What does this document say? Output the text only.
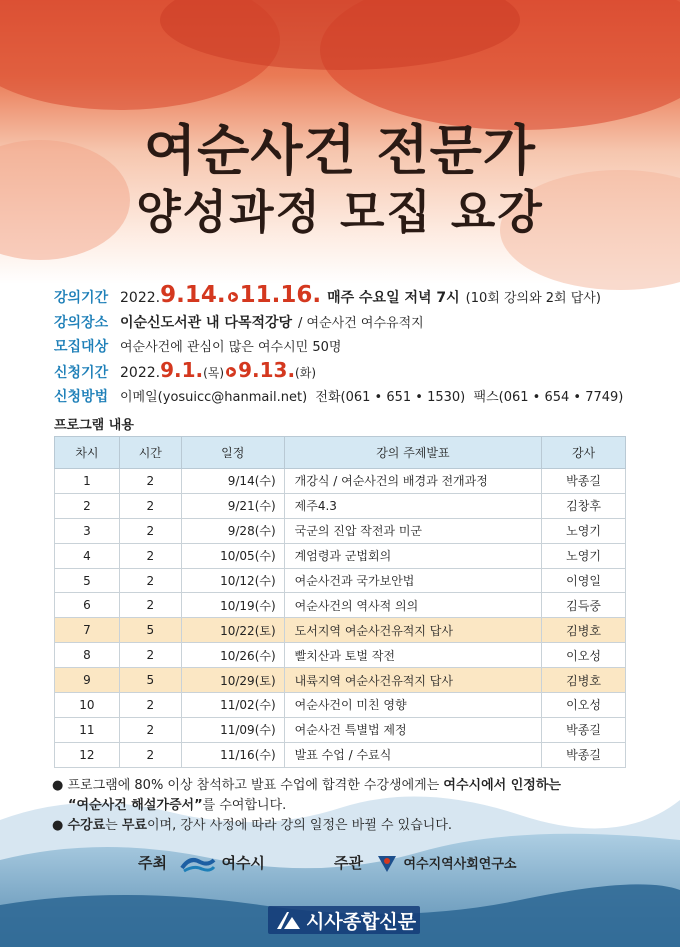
여순사건 전문가
양성과정 모집 요강
강의기간 2022. 9.14. 11.16. 매주 수요일 저녁 7시 (10회 강의와 2회 답사)
강의장소 이순신도서관 내 다목적강당 / 여순사건 여수유적지
모집대상 여순사건에 관심이 많은 여수시민 50명
신청기간 2022. 9.1. (목) 9.13. (화)
신청방법 이메일(yosuicc@hanmail.net)  전화(061 • 651 • 1530)  팩스(061 • 654 • 7749)
프로그램 내용
차시	시간	일정	강의 주제발표	강사
1	2	9/14(수)	개강식 / 여순사건의 배경과 전개과정	박종길
2	2	9/21(수)	제주4.3	김창후
3	2	9/28(수)	국군의 진압 작전과 미군	노영기
4	2	10/05(수)	계엄령과 군법회의	노영기
5	2	10/12(수)	여순사건과 국가보안법	이영일
6	2	10/19(수)	여순사건의 역사적 의의	김득중
7	5	10/22(토)	도서지역 여순사건유적지 답사	김병호
8	2	10/26(수)	빨치산과 토벌 작전	이오성
9	5	10/29(토)	내륙지역 여순사건유적지 답사	김병호
10	2	11/02(수)	여순사건이 미친 영향	이오성
11	2	11/09(수)	여순사건 특별법 제정	박종길
12	2	11/16(수)	발표 수업 / 수료식	박종길
● 프로그램에 80% 이상 참석하고 발표 수업에 합격한 수강생에게는 여수시에서 인정하는
“여순사건 해설가증서”를 수여합니다.
● 수강료는 무료이며, 강사 사정에 따라 강의 일정은 바뀔 수 있습니다.
주최	여수시	주관	여수지역사회연구소
시사종합신문
